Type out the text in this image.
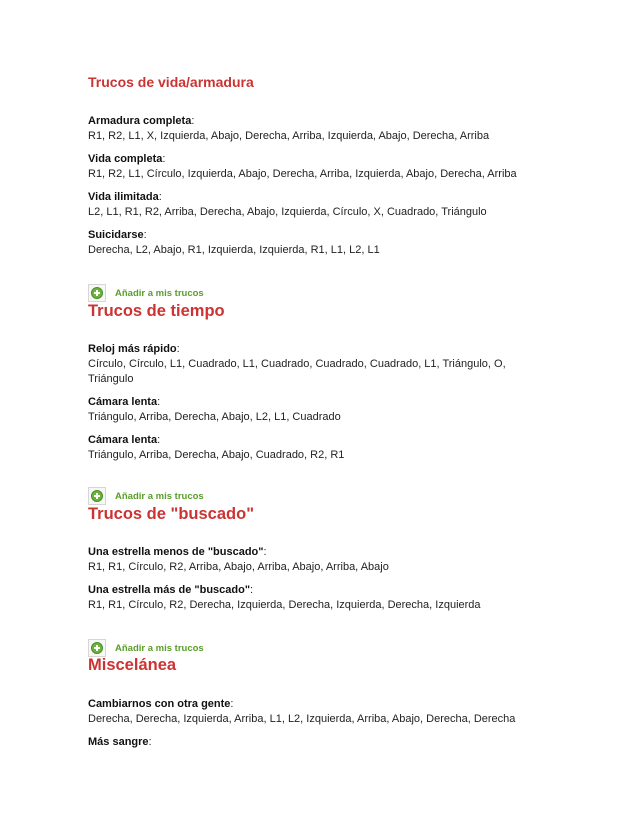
Trucos de vida/armadura
Armadura completa:
R1, R2, L1, X, Izquierda, Abajo, Derecha, Arriba, Izquierda, Abajo, Derecha, Arriba
Vida completa:
R1, R2, L1, Círculo, Izquierda, Abajo, Derecha, Arriba, Izquierda, Abajo, Derecha, Arriba
Vida ilimitada:
L2, L1, R1, R2, Arriba, Derecha, Abajo, Izquierda, Círculo, X, Cuadrado, Triángulo
Suicidarse:
Derecha, L2, Abajo, R1, Izquierda, Izquierda, R1, L1, L2, L1
Añadir a mis trucos
Trucos de tiempo
Reloj más rápido:
Círculo, Círculo, L1, Cuadrado, L1, Cuadrado, Cuadrado, Cuadrado, L1, Triángulo, O, Triángulo
Cámara lenta:
Triángulo, Arriba, Derecha, Abajo, L2, L1, Cuadrado
Cámara lenta:
Triángulo, Arriba, Derecha, Abajo, Cuadrado, R2, R1
Añadir a mis trucos
Trucos de "buscado"
Una estrella menos de "buscado":
R1, R1, Círculo, R2, Arriba, Abajo, Arriba, Abajo, Arriba, Abajo
Una estrella más de "buscado":
R1, R1, Círculo, R2, Derecha, Izquierda, Derecha, Izquierda, Derecha, Izquierda
Añadir a mis trucos
Miscelánea
Cambiarnos con otra gente:
Derecha, Derecha, Izquierda, Arriba, L1, L2, Izquierda, Arriba, Abajo, Derecha, Derecha
Más sangre:
